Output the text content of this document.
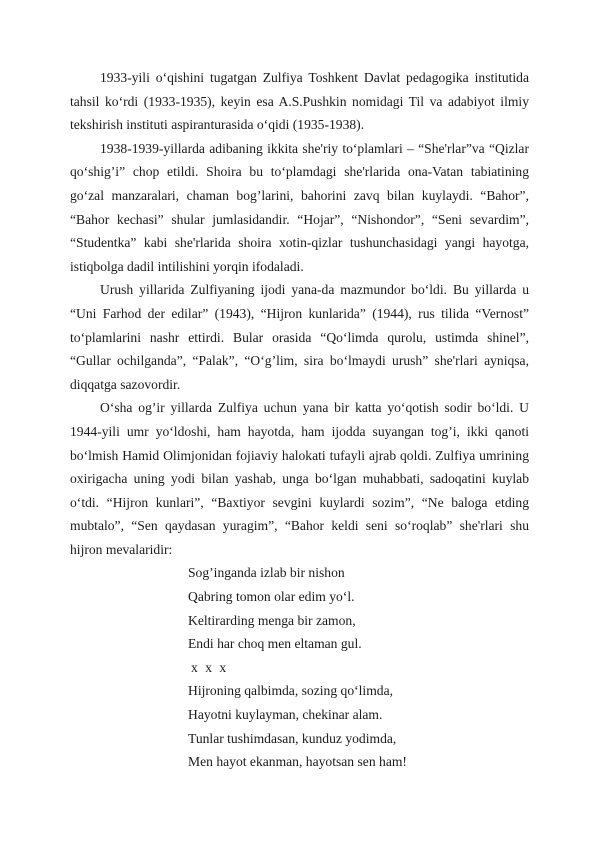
1933-yili o‘qishini tugatgan Zulfiya Toshkent Davlat pedagogika institutida tahsil ko‘rdi (1933-1935), keyin esa A.S.Pushkin nomidagi Til va adabiyot ilmiy tekshirish instituti aspiranturasida o‘qidi (1935-1938).

1938-1939-yillarda adibaning ikkita she'riy to‘plamlari – “She'rlar”va “Qizlar qo‘shig’i” chop etildi. Shoira bu to‘plamdagi she'rlarida ona-Vatan tabiatining go‘zal manzaralari, chaman bog’larini, bahorini zavq bilan kuylaydi. “Bahor”, “Bahor kechasi” shular jumlasidandir. “Hojar”, “Nishondor”, “Seni sevardim”, “Studentka” kabi she'rlarida shoira xotin-qizlar tushunchasidagi yangi hayotga, istiqbolga dadil intilishini yorqin ifodaladi.

Urush yillarida Zulfiyaning ijodi yana-da mazmundor bo‘ldi. Bu yillarda u “Uni Farhod der edilar” (1943), “Hijron kunlarida” (1944), rus tilida “Vernost” to‘plamlarini nashr ettirdi. Bular orasida “Qo‘limda qurolu, ustimda shinel”, “Gullar ochilganda”, “Palak”, “O‘g’lim, sira bo‘lmaydi urush” she'rlari ayniqsa, diqqatga sazovordir.

O‘sha og’ir yillarda Zulfiya uchun yana bir katta yo‘qotish sodir bo‘ldi. U 1944-yili umr yo‘ldoshi, ham hayotda, ham ijodda suyangan tog’i, ikki qanoti bo‘lmish Hamid Olimjonidan fojiaviy halokati tufayli ajrab qoldi. Zulfiya umrining oxirigacha uning yodi bilan yashab, unga bo‘lgan muhabbati, sadoqatini kuylab o‘tdi. “Hijron kunlari”, “Baxtiyor sevgini kuylardi sozim”, “Ne baloga etding mubtalo”, “Sen qaydasan yuragim”, “Bahor keldi seni so‘roqlab” she'rlari shu hijron mevalaridir:

Sog’inganda izlab bir nishon
Qabring tomon olar edim yo‘l.
Keltirarding menga bir zamon,
Endi har choq men eltaman gul.
x x x
Hijroning qalbimda, sozing qo‘limda,
Hayotni kuylayman, chekinar alam.
Tunlar tushimdasan, kunduz yodimda,
Men hayot ekanman, hayotsan sen ham!
